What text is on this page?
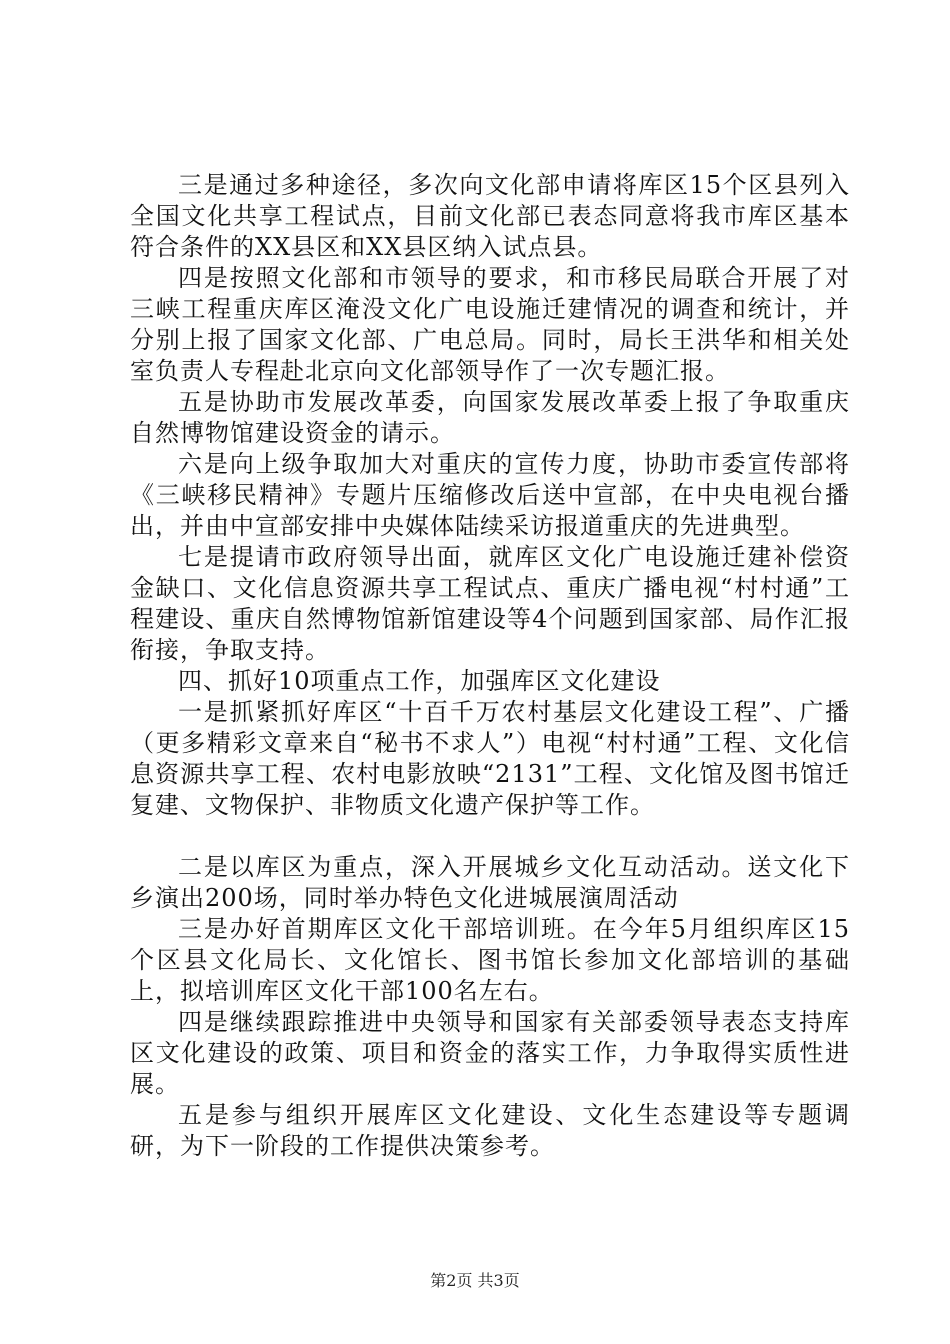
三是通过多种途径，多次向文化部申请将库区15个区县列入全国文化共享工程试点，目前文化部已表态同意将我市库区基本符合条件的XX县区和XX县区纳入试点县。

四是按照文化部和市领导的要求，和市移民局联合开展了对三峡工程重庆库区淹没文化广电设施迁建情况的调查和统计，并分别上报了国家文化部、广电总局。同时，局长王洪华和相关处室负责人专程赴北京向文化部领导作了一次专题汇报。

五是协助市发展改革委，向国家发展改革委上报了争取重庆自然博物馆建设资金的请示。

六是向上级争取加大对重庆的宣传力度，协助市委宣传部将《三峡移民精神》专题片压缩修改后送中宣部，在中央电视台播出，并由中宣部安排中央媒体陆续采访报道重庆的先进典型。

七是提请市政府领导出面，就库区文化广电设施迁建补偿资金缺口、文化信息资源共享工程试点、重庆广播电视“村村通”工程建设、重庆自然博物馆新馆建设等4个问题到国家部、局作汇报衔接，争取支持。

四、抓好10项重点工作，加强库区文化建设

一是抓紧抓好库区“十百千万农村基层文化建设工程”、广播（更多精彩文章来自“秘书不求人”）电视“村村通”工程、文化信息资源共享工程、农村电影放映“2131”工程、文化馆及图书馆迁复建、文物保护、非物质文化遗产保护等工作。

二是以库区为重点，深入开展城乡文化互动活动。送文化下乡演出200场，同时举办特色文化进城展演周活动

三是办好首期库区文化干部培训班。在今年5月组织库区15个区县文化局长、文化馆长、图书馆长参加文化部培训的基础上，拟培训库区文化干部100名左右。

四是继续跟踪推进中央领导和国家有关部委领导表态支持库区文化建设的政策、项目和资金的落实工作，力争取得实质性进展。

五是参与组织开展库区文化建设、文化生态建设等专题调研，为下一阶段的工作提供决策参考。

第2页 共3页
